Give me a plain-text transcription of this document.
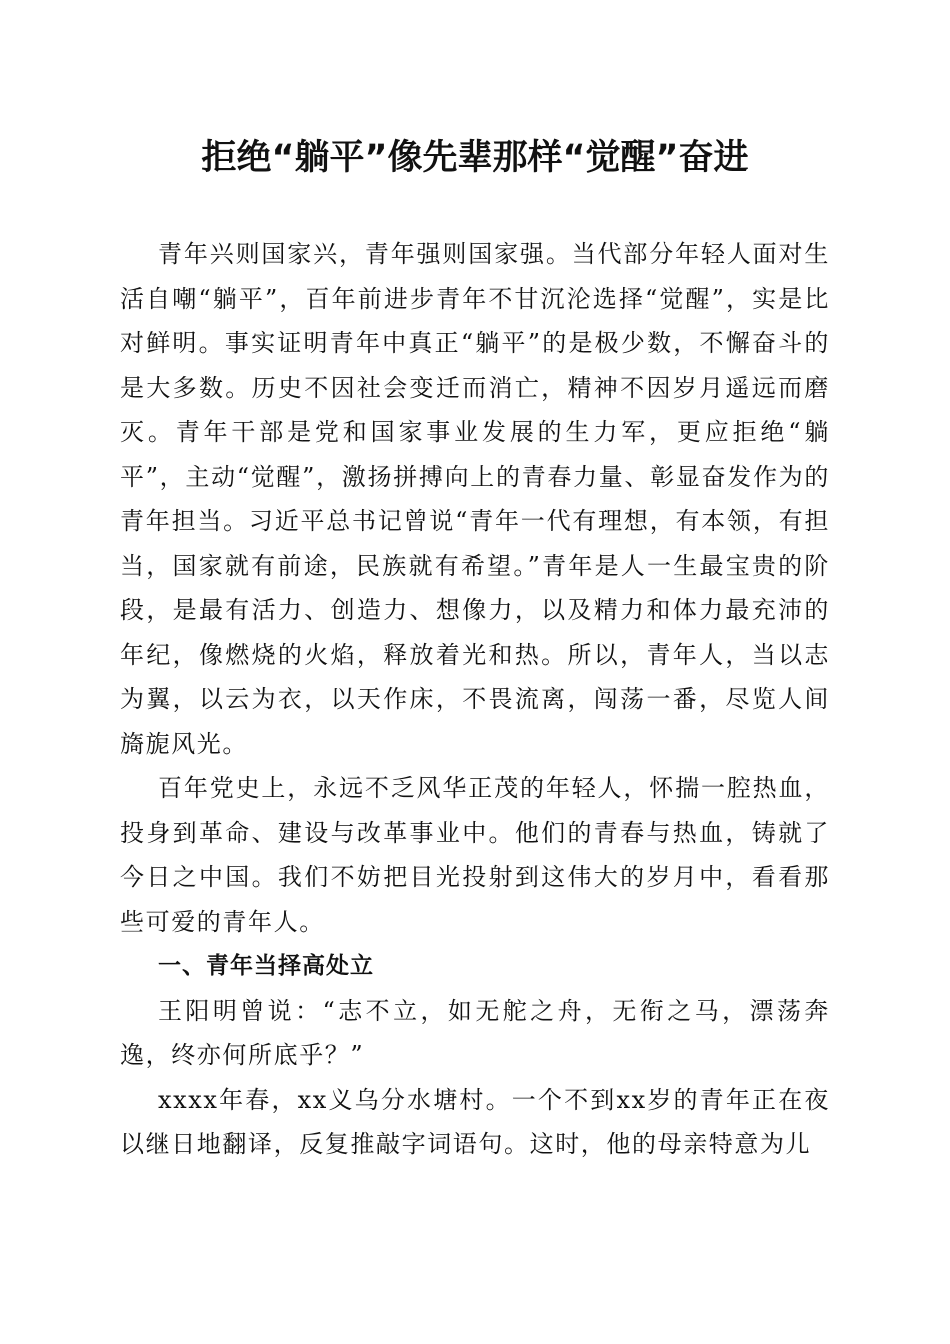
拒绝“躺平”像先辈那样“觉醒”奋进

青年兴则国家兴，青年强则国家强。当代部分年轻人面对生活自嘲“躺平”，百年前进步青年不甘沉沦选择“觉醒”，实是比对鲜明。事实证明青年中真正“躺平”的是极少数，不懈奋斗的是大多数。历史不因社会变迁而消亡，精神不因岁月遥远而磨灭。青年干部是党和国家事业发展的生力军，更应拒绝“躺平”，主动“觉醒”，激扬拼搏向上的青春力量、彰显奋发作为的青年担当。习近平总书记曾说“青年一代有理想，有本领，有担当，国家就有前途，民族就有希望。”青年是人一生最宝贵的阶段，是最有活力、创造力、想像力，以及精力和体力最充沛的年纪，像燃烧的火焰，释放着光和热。所以，青年人，当以志为翼，以云为衣，以天作床，不畏流离，闯荡一番，尽览人间旖旎风光。

百年党史上，永远不乏风华正茂的年轻人，怀揣一腔热血，投身到革命、建设与改革事业中。他们的青春与热血，铸就了今日之中国。我们不妨把目光投射到这伟大的岁月中，看看那些可爱的青年人。

一、青年当择高处立

王阳明曾说：“志不立，如无舵之舟，无衔之马，漂荡奔逸，终亦何所底乎？”

xxxx年春，xx义乌分水塘村。一个不到xx岁的青年正在夜以继日地翻译，反复推敲字词语句。这时，他的母亲特意为儿
